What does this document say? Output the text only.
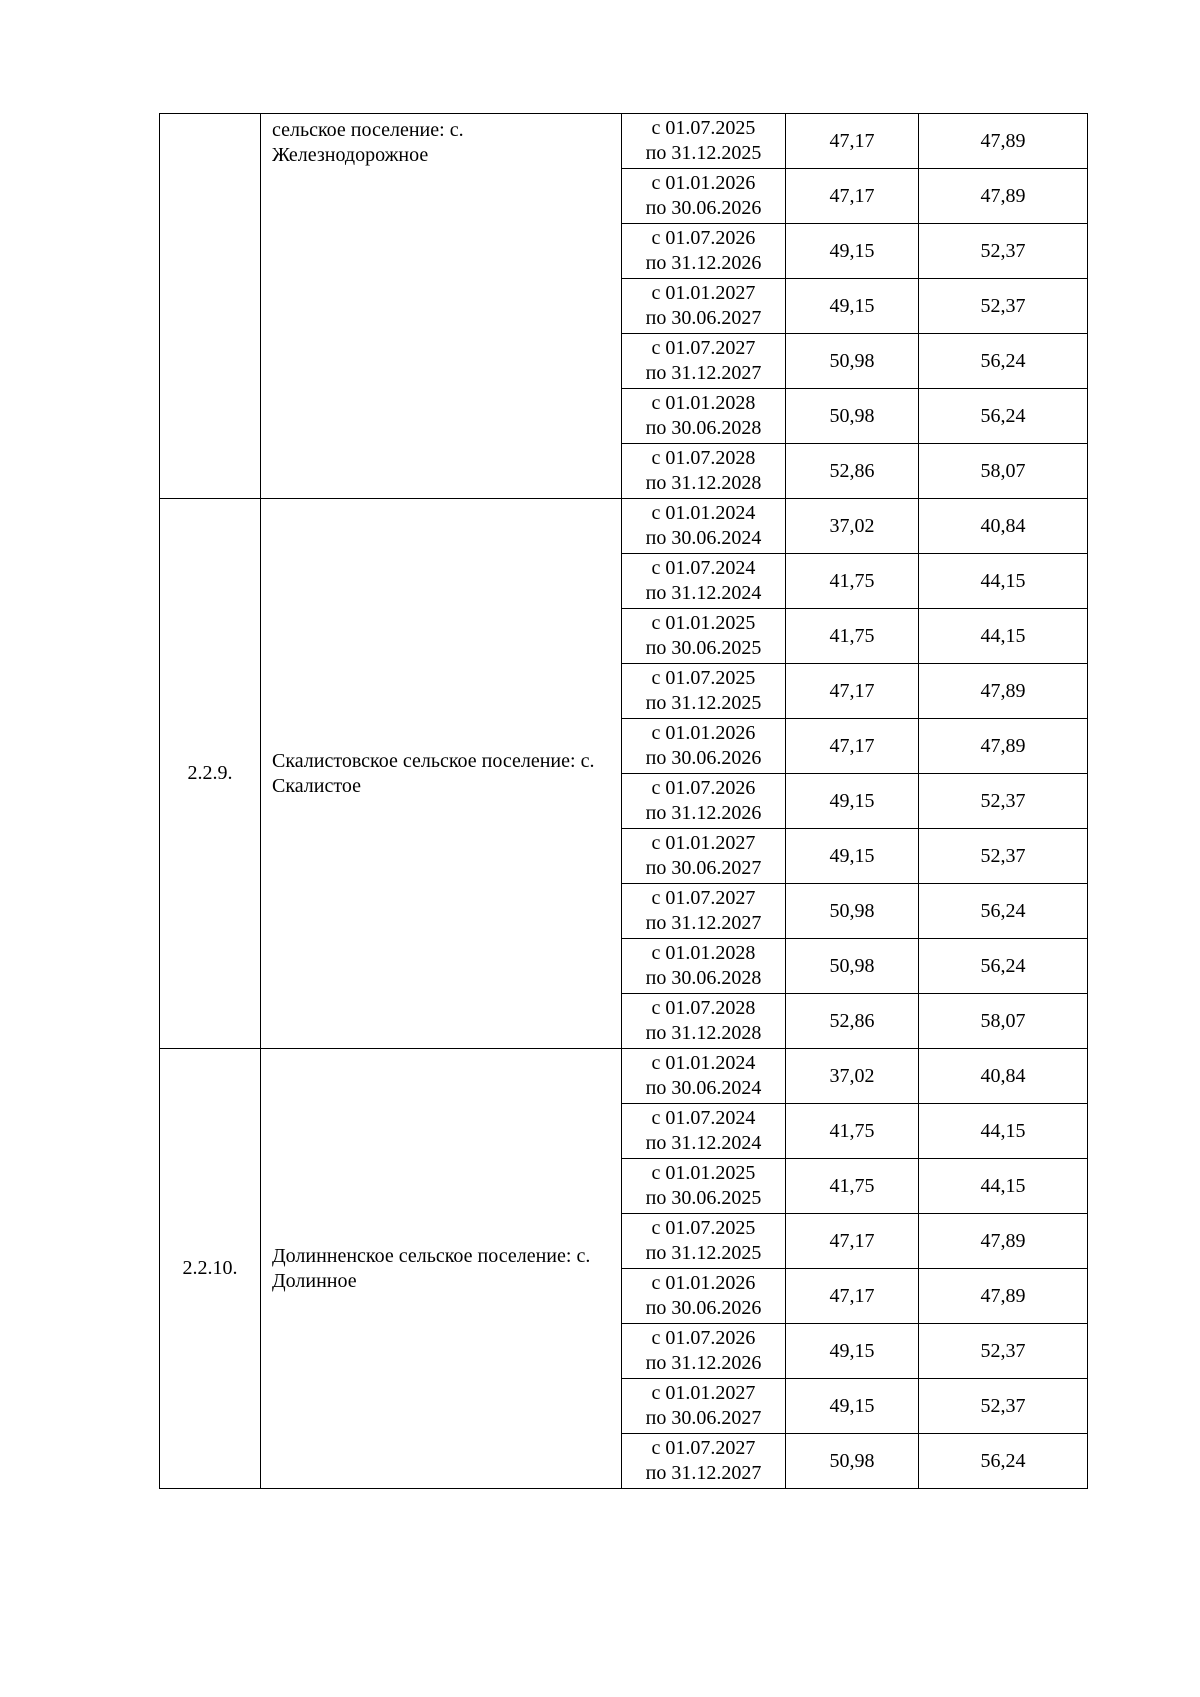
	сельское поселение: с. Железнодорожное	с 01.07.2025
по 31.12.2025	47,17	47,89

		с 01.01.2026
по 30.06.2026	47,17	47,89

		с 01.07.2026
по 31.12.2026	49,15	52,37

		с 01.01.2027
по 30.06.2027	49,15	52,37

		с 01.07.2027
по 31.12.2027	50,98	56,24

		с 01.01.2028
по 30.06.2028	50,98	56,24

		с 01.07.2028
по 31.12.2028	52,86	58,07
2.2.9.	Скалистовское сельское поселение: с. Скалистое	с 01.01.2024
по 30.06.2024	37,02	40,84

		с 01.07.2024
по 31.12.2024	41,75	44,15

		с 01.01.2025
по 30.06.2025	41,75	44,15

		с 01.07.2025
по 31.12.2025	47,17	47,89

		с 01.01.2026
по 30.06.2026	47,17	47,89

		с 01.07.2026
по 31.12.2026	49,15	52,37

		с 01.01.2027
по 30.06.2027	49,15	52,37

		с 01.07.2027
по 31.12.2027	50,98	56,24

		с 01.01.2028
по 30.06.2028	50,98	56,24

		с 01.07.2028
по 31.12.2028	52,86	58,07
2.2.10.	Долинненское сельское поселение: с. Долинное	с 01.01.2024
по 30.06.2024	37,02	40,84

		с 01.07.2024
по 31.12.2024	41,75	44,15

		с 01.01.2025
по 30.06.2025	41,75	44,15

		с 01.07.2025
по 31.12.2025	47,17	47,89

		с 01.01.2026
по 30.06.2026	47,17	47,89

		с 01.07.2026
по 31.12.2026	49,15	52,37

		с 01.01.2027
по 30.06.2027	49,15	52,37

		с 01.07.2027
по 31.12.2027	50,98	56,24
